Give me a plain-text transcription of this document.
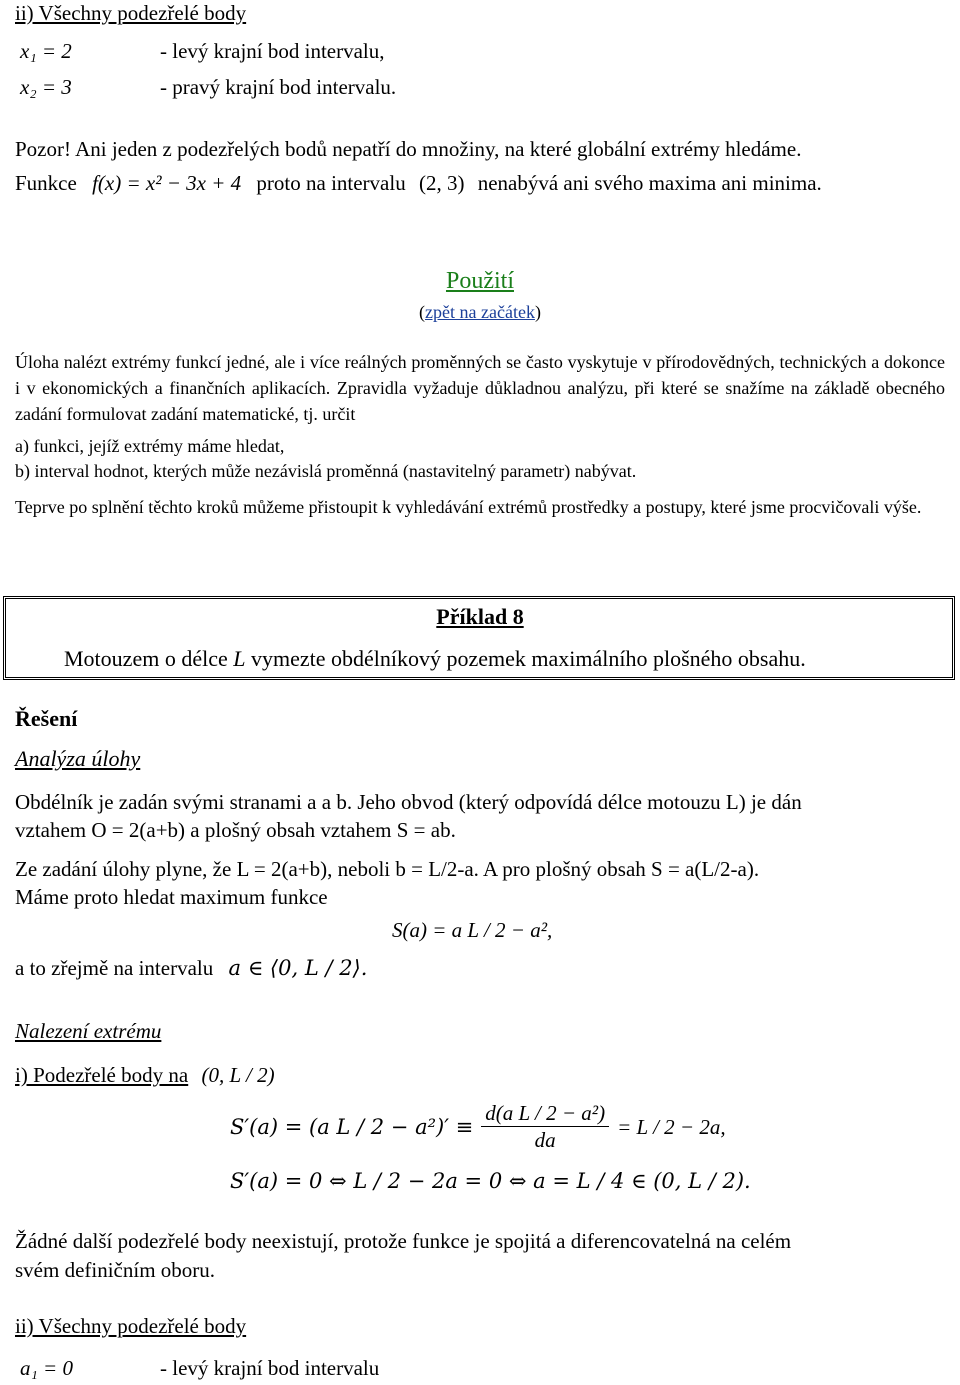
ii) Všechny podezřelé body
x₁ = 2	- levý krajní bod intervalu,
x₂ = 3	- pravý krajní bod intervalu.
Pozor! Ani jeden z podezřelých bodů nepatří do množiny, na které globální extrémy hledáme.
Funkce f(x) = x² − 3x + 4 proto na intervalu (2, 3) nenabývá ani svého maxima ani minima.
Použití
(zpět na začátek)
Úloha nalézt extrémy funkcí jedné, ale i více reálných proměnných se často vyskytuje v přírodovědných, technických a dokonce i v ekonomických a finančních aplikacích. Zpravidla vyžaduje důkladnou analýzu, při které se snažíme na základě obecného zadání formulovat zadání matematické, tj. určit
a) funkci, jejíž extrémy máme hledat,
b) interval hodnot, kterých může nezávislá proměnná (nastavitelný parametr) nabývat.
Teprve po splnění těchto kroků můžeme přistoupit k vyhledávání extrémů prostředky a postupy, které jsme procvičovali výše.
Příklad 8
Motouzem o délce L vymezte obdélníkový pozemek maximálního plošného obsahu.
Řešení
Analýza úlohy
Obdélník je zadán svými stranami a a b. Jeho obvod (který odpovídá délce motouzu L) je dán
vztahem O = 2(a+b) a plošný obsah vztahem S = ab.
Ze zadání úlohy plyne, že L = 2(a+b), neboli b = L/2-a. A pro plošný obsah S = a(L/2-a).
Máme proto hledat maximum funkce
S(a) = a L / 2 − a²,
a to zřejmě na intervalu a ∈ ⟨0, L / 2⟩.
Nalezení extrému
i) Podezřelé body na (0, L / 2)
S′(a) = (a $L / 2 - a^2)' \equiv \frac{\text{d(a L / 2 − a²)}}{da} = L / 2 - 2a$,
S′(a) = 0 ⇔ L / 2 − 2a = 0 ⇔ a = L / 4 ∈ (0, L / 2).
Žádné další podezřelé body neexistují, protože funkce je spojitá a diferencovatelná na celém
svém definičním oboru.
ii) Všechny podezřelé body
a₁ = 0	- levý krajní bod intervalu
